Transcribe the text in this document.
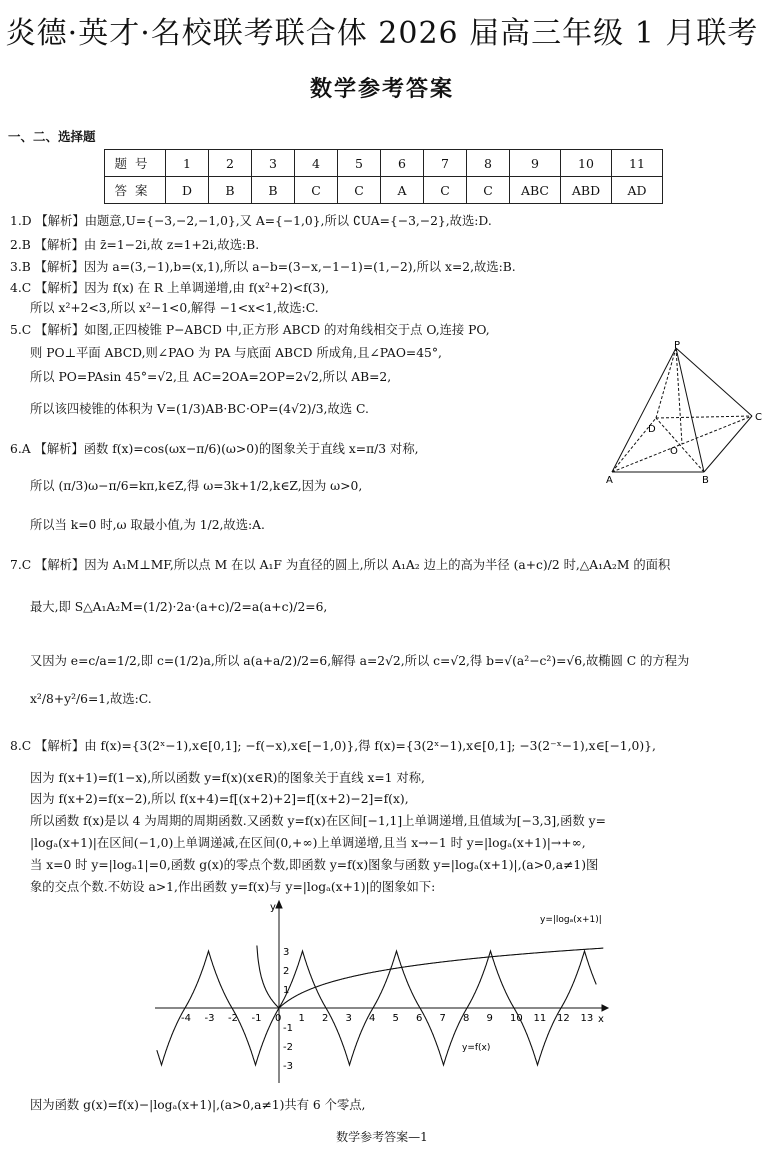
炎德·英才·名校联考联合体 2026 届高三年级 1 月联考
数学参考答案
一、二、选择题
题号	1	2	3	4	5	6	7	8	9	10	11
答案	D	B	B	C	C	A	C	C	ABC	ABD	AD
1.D 【解析】由题意,U={−3,−2,−1,0},又 A={−1,0},所以 ∁UA={−3,−2},故选:D.
2.B 【解析】由 z̄=1−2i,故 z=1+2i,故选:B.
3.B 【解析】因为 a=(3,−1),b=(x,1),所以 a−b=(3−x,−1−1)=(1,−2),所以 x=2,故选:B.
4.C 【解析】因为 f(x) 在 R 上单调递增,由 f(x²+2)<f(3),
所以 x²+2<3,所以 x²−1<0,解得 −1<x<1,故选:C.
5.C 【解析】如图,正四棱锥 P−ABCD 中,正方形 ABCD 的对角线相交于点 O,连接 PO,
则 PO⊥平面 ABCD,则∠PAO 为 PA 与底面 ABCD 所成角,且∠PAO=45°,
所以 PO=PAsin 45°=√2,且 AC=2OA=2OP=2√2,所以 AB=2,
所以该四棱锥的体积为 V=(1/3)AB·BC·OP=(4√2)/3,故选 C.
6.A 【解析】函数 f(x)=cos(ωx−π/6)(ω>0)的图象关于直线 x=π/3 对称,
所以 (π/3)ω−π/6=kπ,k∈Z,得 ω=3k+1/2,k∈Z,因为 ω>0,
所以当 k=0 时,ω 取最小值,为 1/2,故选:A.
7.C 【解析】因为 A₁M⊥MF,所以点 M 在以 A₁F 为直径的圆上,所以 A₁A₂ 边上的高为半径 (a+c)/2 时,△A₁A₂M 的面积
最大,即 S△A₁A₂M=(1/2)·2a·(a+c)/2=a(a+c)/2=6,
又因为 e=c/a=1/2,即 c=(1/2)a,所以 a(a+a/2)/2=6,解得 a=2√2,所以 c=√2,得 b=√(a²−c²)=√6,故椭圆 C 的方程为
x²/8+y²/6=1,故选:C.
8.C 【解析】由 f(x)={3(2ˣ−1),x∈[0,1]; −f(−x),x∈[−1,0)},得 f(x)={3(2ˣ−1),x∈[0,1]; −3(2⁻ˣ−1),x∈[−1,0)},
因为 f(x+1)=f(1−x),所以函数 y=f(x)(x∈R)的图象关于直线 x=1 对称,
因为 f(x+2)=f(x−2),所以 f(x+4)=f[(x+2)+2]=f[(x+2)−2]=f(x),
所以函数 f(x)是以 4 为周期的周期函数.又函数 y=f(x)在区间[−1,1]上单调递增,且值域为[−3,3],函数 y=
|logₐ(x+1)|在区间(−1,0)上单调递减,在区间(0,+∞)上单调递增,且当 x→−1 时 y=|logₐ(x+1)|→+∞,
当 x=0 时 y=|logₐ1|=0,函数 g(x)的零点个数,即函数 y=f(x)图象与函数 y=|logₐ(x+1)|,(a>0,a≠1)图
象的交点个数.不妨设 a>1,作出函数 y=f(x)与 y=|logₐ(x+1)|的图象如下:
因为函数 g(x)=f(x)−|logₐ(x+1)|,(a>0,a≠1)共有 6 个零点,
P
A	B
C
D
O
y
x
y=|logₐ(x+1)|
y=f(x)
-4 -3 -2 -1 0 1 2 3 4 5 6 7 8 9 10 11 12 13
3
2
1
-1
-2
-3
数学参考答案—1
